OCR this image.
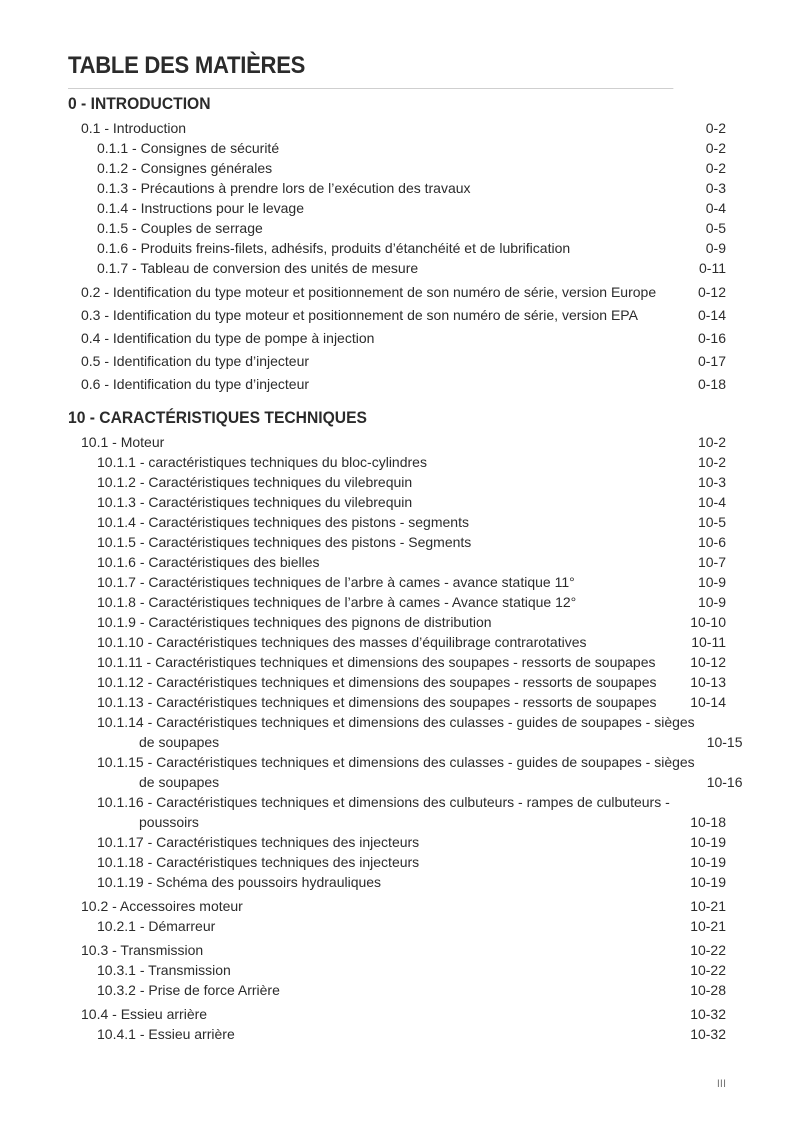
TABLE DES MATIÈRES
0 - INTRODUCTION
0.1 - Introduction	0-2
0.1.1 - Consignes de sécurité	0-2
0.1.2 - Consignes générales	0-2
0.1.3 - Précautions à prendre lors de l’exécution des travaux	0-3
0.1.4 - Instructions pour le levage	0-4
0.1.5 - Couples de serrage	0-5
0.1.6 - Produits freins-filets, adhésifs, produits d’étanchéité et de lubrification	0-9
0.1.7 - Tableau de conversion des unités de mesure	0-11
0.2 - Identification du type moteur et positionnement de son numéro de série, version Europe	0-12
0.3 - Identification du type moteur et positionnement de son numéro de série, version EPA	0-14
0.4 - Identification du type de pompe à injection	0-16
0.5 - Identification du type d’injecteur	0-17
0.6 - Identification du type d’injecteur	0-18
10 - CARACTÉRISTIQUES TECHNIQUES
10.1 - Moteur	10-2
10.1.1 - caractéristiques techniques du bloc-cylindres	10-2
10.1.2 - Caractéristiques techniques du vilebrequin	10-3
10.1.3 - Caractéristiques techniques du vilebrequin	10-4
10.1.4 - Caractéristiques techniques des pistons - segments	10-5
10.1.5 - Caractéristiques techniques des pistons - Segments	10-6
10.1.6 - Caractéristiques des bielles	10-7
10.1.7 - Caractéristiques techniques de l’arbre à cames - avance statique 11°	10-9
10.1.8 - Caractéristiques techniques de l’arbre à cames - Avance statique 12°	10-9
10.1.9 - Caractéristiques techniques des pignons de distribution	10-10
10.1.10 - Caractéristiques techniques des masses d’équilibrage contrarotatives	10-11
10.1.11 - Caractéristiques techniques et dimensions des soupapes - ressorts de soupapes	10-12
10.1.12 - Caractéristiques techniques et dimensions des soupapes - ressorts de soupapes	10-13
10.1.13 - Caractéristiques techniques et dimensions des soupapes - ressorts de soupapes	10-14
10.1.14 - Caractéristiques techniques et dimensions des culasses - guides de soupapes - sièges
de soupapes	10-15
10.1.15 - Caractéristiques techniques et dimensions des culasses - guides de soupapes - sièges
de soupapes	10-16
10.1.16 - Caractéristiques techniques et dimensions des culbuteurs - rampes de culbuteurs -
poussoirs	10-18
10.1.17 - Caractéristiques techniques des injecteurs	10-19
10.1.18 - Caractéristiques techniques des injecteurs	10-19
10.1.19 - Schéma des poussoirs hydrauliques	10-19
10.2 - Accessoires moteur	10-21
10.2.1 - Démarreur	10-21
10.3 - Transmission	10-22
10.3.1 - Transmission	10-22
10.3.2 - Prise de force Arrière	10-28
10.4 - Essieu arrière	10-32
10.4.1 - Essieu arrière	10-32
III
